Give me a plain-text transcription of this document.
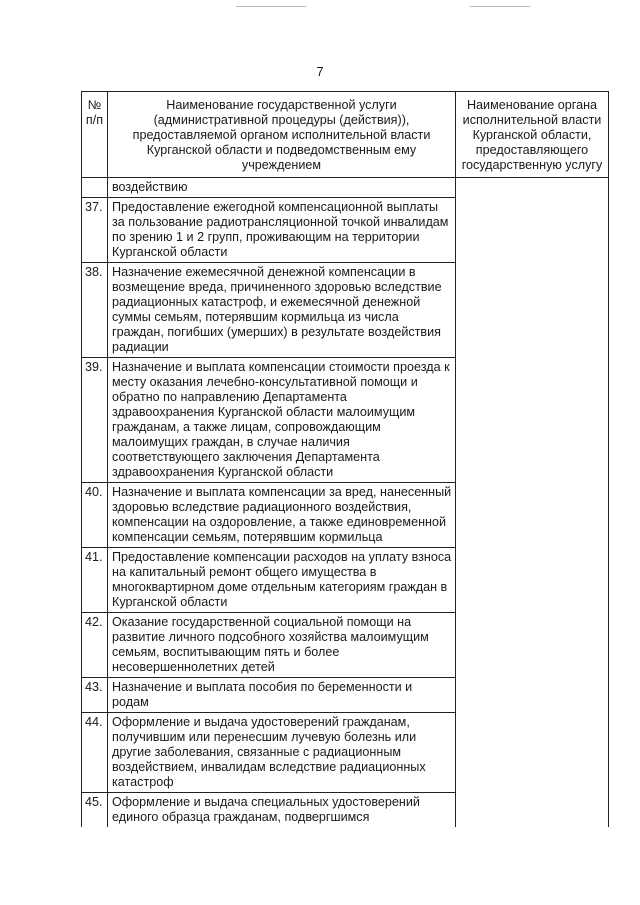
7
№ п/п	Наименование государственной услуги (административной процедуры (действия)), предоставляемой органом исполнительной власти Курганской области и подведомственным ему учреждением	Наименование органа исполнительной власти Курганской области, предоставляющего государственную услугу
	воздействию	
37.	Предоставление ежегодной компенсационной выплаты за пользование радиотрансляционной точкой инвалидам по зрению 1 и 2 групп, проживающим на территории Курганской области	
38.	Назначение ежемесячной денежной компенсации в возмещение вреда, причиненного здоровью вследствие радиационных катастроф, и ежемесячной денежной суммы семьям, потерявшим кормильца из числа граждан, погибших (умерших) в результате воздействия радиации	
39.	Назначение и выплата компенсации стоимости проезда к месту оказания лечебно-консультативной помощи и обратно по направлению Департамента здравоохранения Курганской области малоимущим гражданам, а также лицам, сопровождающим малоимущих граждан, в случае наличия соответствующего заключения Департамента здравоохранения Курганской области	
40.	Назначение и выплата компенсации за вред, нанесенный здоровью вследствие радиационного воздействия, компенсации на оздоровление, а также единовременной компенсации семьям, потерявшим кормильца	
41.	Предоставление компенсации расходов на уплату взноса на капитальный ремонт общего имущества в многоквартирном доме отдельным категориям граждан в Курганской области	
42.	Оказание государственной социальной помощи на развитие личного подсобного хозяйства малоимущим семьям, воспитывающим пять и более несовершеннолетних детей	
43.	Назначение и выплата пособия по беременности и родам	
44.	Оформление и выдача удостоверений гражданам, получившим или перенесшим лучевую болезнь или другие заболевания, связанные с радиационным воздействием, инвалидам вследствие радиационных катастроф	
45.	Оформление и выдача специальных удостоверений единого образца гражданам, подвергшимся	
